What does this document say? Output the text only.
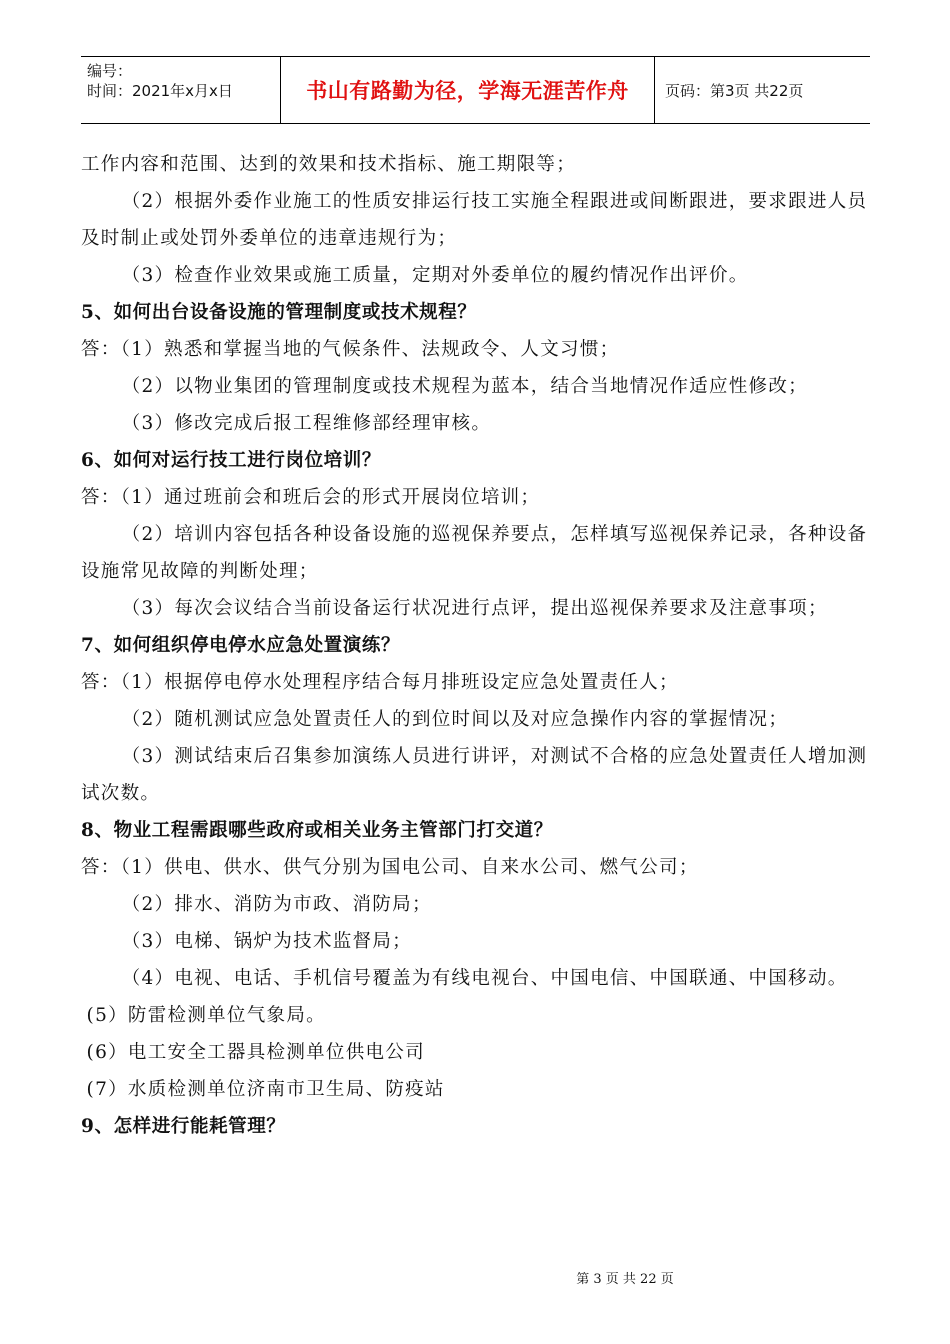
编号：
时间：2021年x月x日	书山有路勤为径，学海无涯苦作舟	页码：第3页 共22页

工作内容和范围、达到的效果和技术指标、施工期限等；

（2）根据外委作业施工的性质安排运行技工实施全程跟进或间断跟进，要求跟进人员及时制止或处罚外委单位的违章违规行为；

（3）检查作业效果或施工质量，定期对外委单位的履约情况作出评价。

5、如何出台设备设施的管理制度或技术规程？

答：（1）熟悉和掌握当地的气候条件、法规政令、人文习惯；

（2）以物业集团的管理制度或技术规程为蓝本，结合当地情况作适应性修改；

（3）修改完成后报工程维修部经理审核。

6、如何对运行技工进行岗位培训？

答：（1）通过班前会和班后会的形式开展岗位培训；

（2）培训内容包括各种设备设施的巡视保养要点，怎样填写巡视保养记录，各种设备设施常见故障的判断处理；

（3）每次会议结合当前设备运行状况进行点评，提出巡视保养要求及注意事项；

7、如何组织停电停水应急处置演练？

答：（1）根据停电停水处理程序结合每月排班设定应急处置责任人；

（2）随机测试应急处置责任人的到位时间以及对应急操作内容的掌握情况；

（3）测试结束后召集参加演练人员进行讲评，对测试不合格的应急处置责任人增加测试次数。

8、物业工程需跟哪些政府或相关业务主管部门打交道？

答：（1）供电、供水、供气分别为国电公司、自来水公司、燃气公司；

（2）排水、消防为市政、消防局；

（3）电梯、锅炉为技术监督局；

（4）电视、电话、手机信号覆盖为有线电视台、中国电信、中国联通、中国移动。

(5）防雷检测单位气象局。

(6）电工安全工器具检测单位供电公司

(7）水质检测单位济南市卫生局、防疫站

9、怎样进行能耗管理？

第 3 页 共 22 页
